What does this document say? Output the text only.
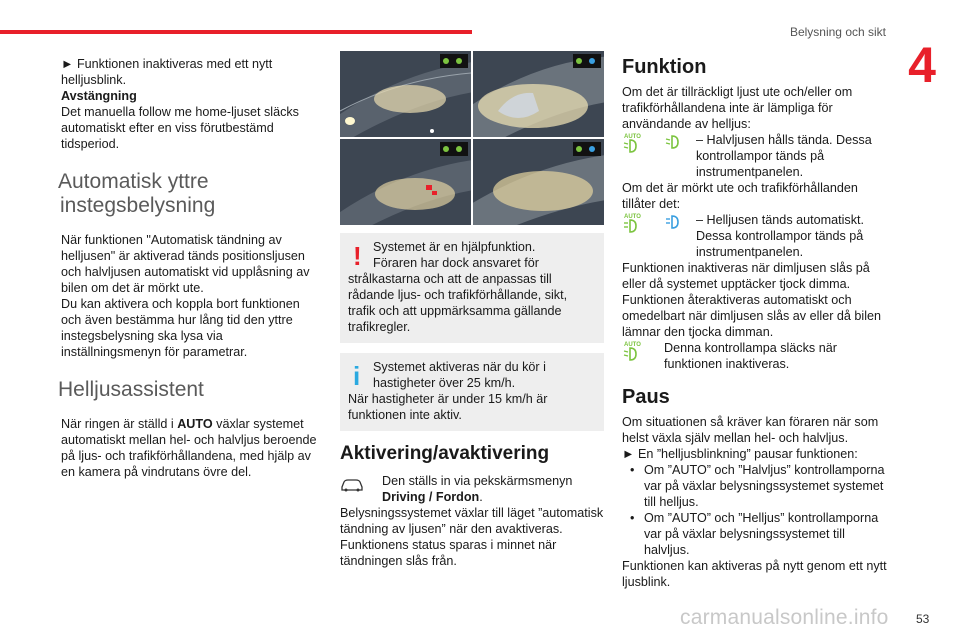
Belysning och sikt
4

► Funktionen inaktiveras med ett nytt helljusblink.

Avstängning

Det manuella follow me home-ljuset släcks automatiskt efter en viss förutbestämd tidsperiod.

Automatisk yttre
instegsbelysning

När funktionen "Automatisk tändning av helljusen" är aktiverad tänds positionsljusen och halvljusen automatiskt vid upplåsning av bilen om det är mörkt ute.

Du kan aktivera och koppla bort funktionen och även bestämma hur lång tid den yttre instegsbelysning ska lysa via inställningsmenyn för parametrar.

Helljusassistent

När ringen är ställd i AUTO växlar systemet automatiskt mellan hel- och halvljus beroende på ljus- och trafikförhållandena, med hjälp av en kamera på vindrutans övre del.

! Systemet är en hjälpfunktion.

Föraren har dock ansvaret för strålkastarna och att de anpassas till rådande ljus- och trafikförhållande, sikt, trafik och att uppmärksamma gällande trafikregler.

i	Systemet aktiveras när du kör i hastigheter över 25 km/h.

När hastigheter är under 15 km/h är funktionen inte aktiv.

Aktivering/avaktivering

Den ställs in via pekskärmsmenyn Driving / Fordon.

Belysningssystemet växlar till läget ”automatisk tändning av ljusen” när den avaktiveras.

Funktionens status sparas i minnet när tändningen slås från.

Funktion

Om det är tillräckligt ljust ute och/eller om trafikförhållandena inte är lämpliga för användande av helljus:

AUTO	– Halvljusen hålls tända. Dessa kontrollampor tänds på instrumentpanelen.

Om det är mörkt ute och trafikförhållanden tillåter det:

AUTO	– Helljusen tänds automatiskt. Dessa kontrollampor tänds på instrumentpanelen.

Funktionen inaktiveras när dimljusen slås på eller då systemet upptäcker tjock dimma.

Funktionen återaktiveras automatiskt och omedelbart när dimljusen slås av eller då bilen lämnar den tjocka dimman.

AUTO	Denna kontrollampa släcks när funktionen inaktiveras.

Paus

Om situationen så kräver kan föraren när som helst växla själv mellan hel- och halvljus.

► En ”helljusblinkning” pausar funktionen:

• Om ”AUTO” och ”Halvljus” kontrollamporna var på växlar belysningssystemet systemet till helljus.

• Om ”AUTO” och ”Helljus” kontrollamporna var på växlar belysningssystemet till halvljus.

Funktionen kan aktiveras på nytt genom ett nytt ljusblink.

carmanualsonline.info 53
